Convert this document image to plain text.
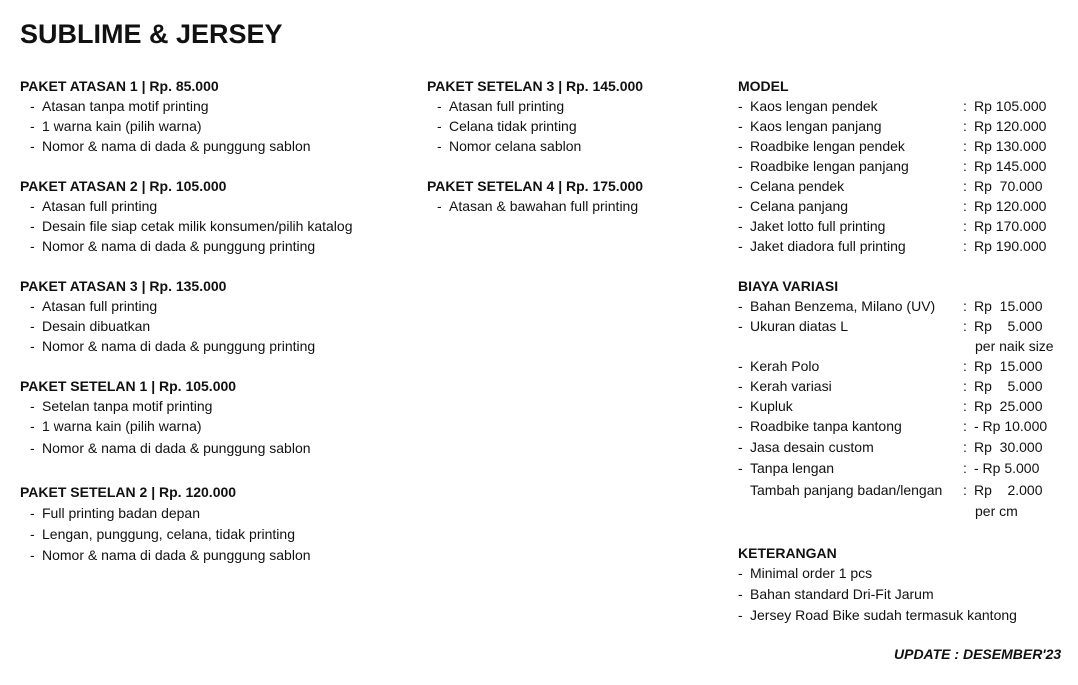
SUBLIME & JERSEY
PAKET ATASAN 1 | Rp. 85.000
- Atasan tanpa motif printing
- 1 warna kain (pilih warna)
- Nomor & nama di dada & punggung sablon
PAKET ATASAN 2 | Rp. 105.000
- Atasan full printing
- Desain file siap cetak milik konsumen/pilih katalog
- Nomor & nama di dada & punggung printing
PAKET ATASAN 3 | Rp. 135.000
- Atasan full printing
- Desain dibuatkan
- Nomor & nama di dada & punggung printing
PAKET SETELAN 1 | Rp. 105.000
- Setelan tanpa motif printing
- 1 warna kain (pilih warna)
- Nomor & nama di dada & punggung sablon
PAKET SETELAN 2 | Rp. 120.000
- Full printing badan depan
- Lengan, punggung, celana, tidak printing
- Nomor & nama di dada & punggung sablon
PAKET SETELAN 3 | Rp. 145.000
- Atasan full printing
- Celana tidak printing
- Nomor celana sablon
PAKET SETELAN 4 | Rp. 175.000
- Atasan & bawahan full printing
MODEL
- Kaos lengan pendek	: Rp 105.000
- Kaos lengan panjang	: Rp 120.000
- Roadbike lengan pendek	: Rp 130.000
- Roadbike lengan panjang	: Rp 145.000
- Celana pendek	: Rp  70.000
- Celana panjang	: Rp 120.000
- Jaket lotto full printing	: Rp 170.000
- Jaket diadora full printing	: Rp 190.000
BIAYA VARIASI
- Bahan Benzema, Milano (UV) : Rp  15.000
- Ukuran diatas L	: Rp    5.000
per naik size
- Kerah Polo	: Rp  15.000
- Kerah variasi	: Rp    5.000
- Kupluk	: Rp  25.000
- Roadbike tanpa kantong	: - Rp 10.000
- Jasa desain custom	: Rp  30.000
- Tanpa lengan	: - Rp 5.000
Tambah panjang badan/lengan : Rp    2.000
per cm
KETERANGAN
- Minimal order 1 pcs
- Bahan standard Dri-Fit Jarum
- Jersey Road Bike sudah termasuk kantong
UPDATE : DESEMBER'23
